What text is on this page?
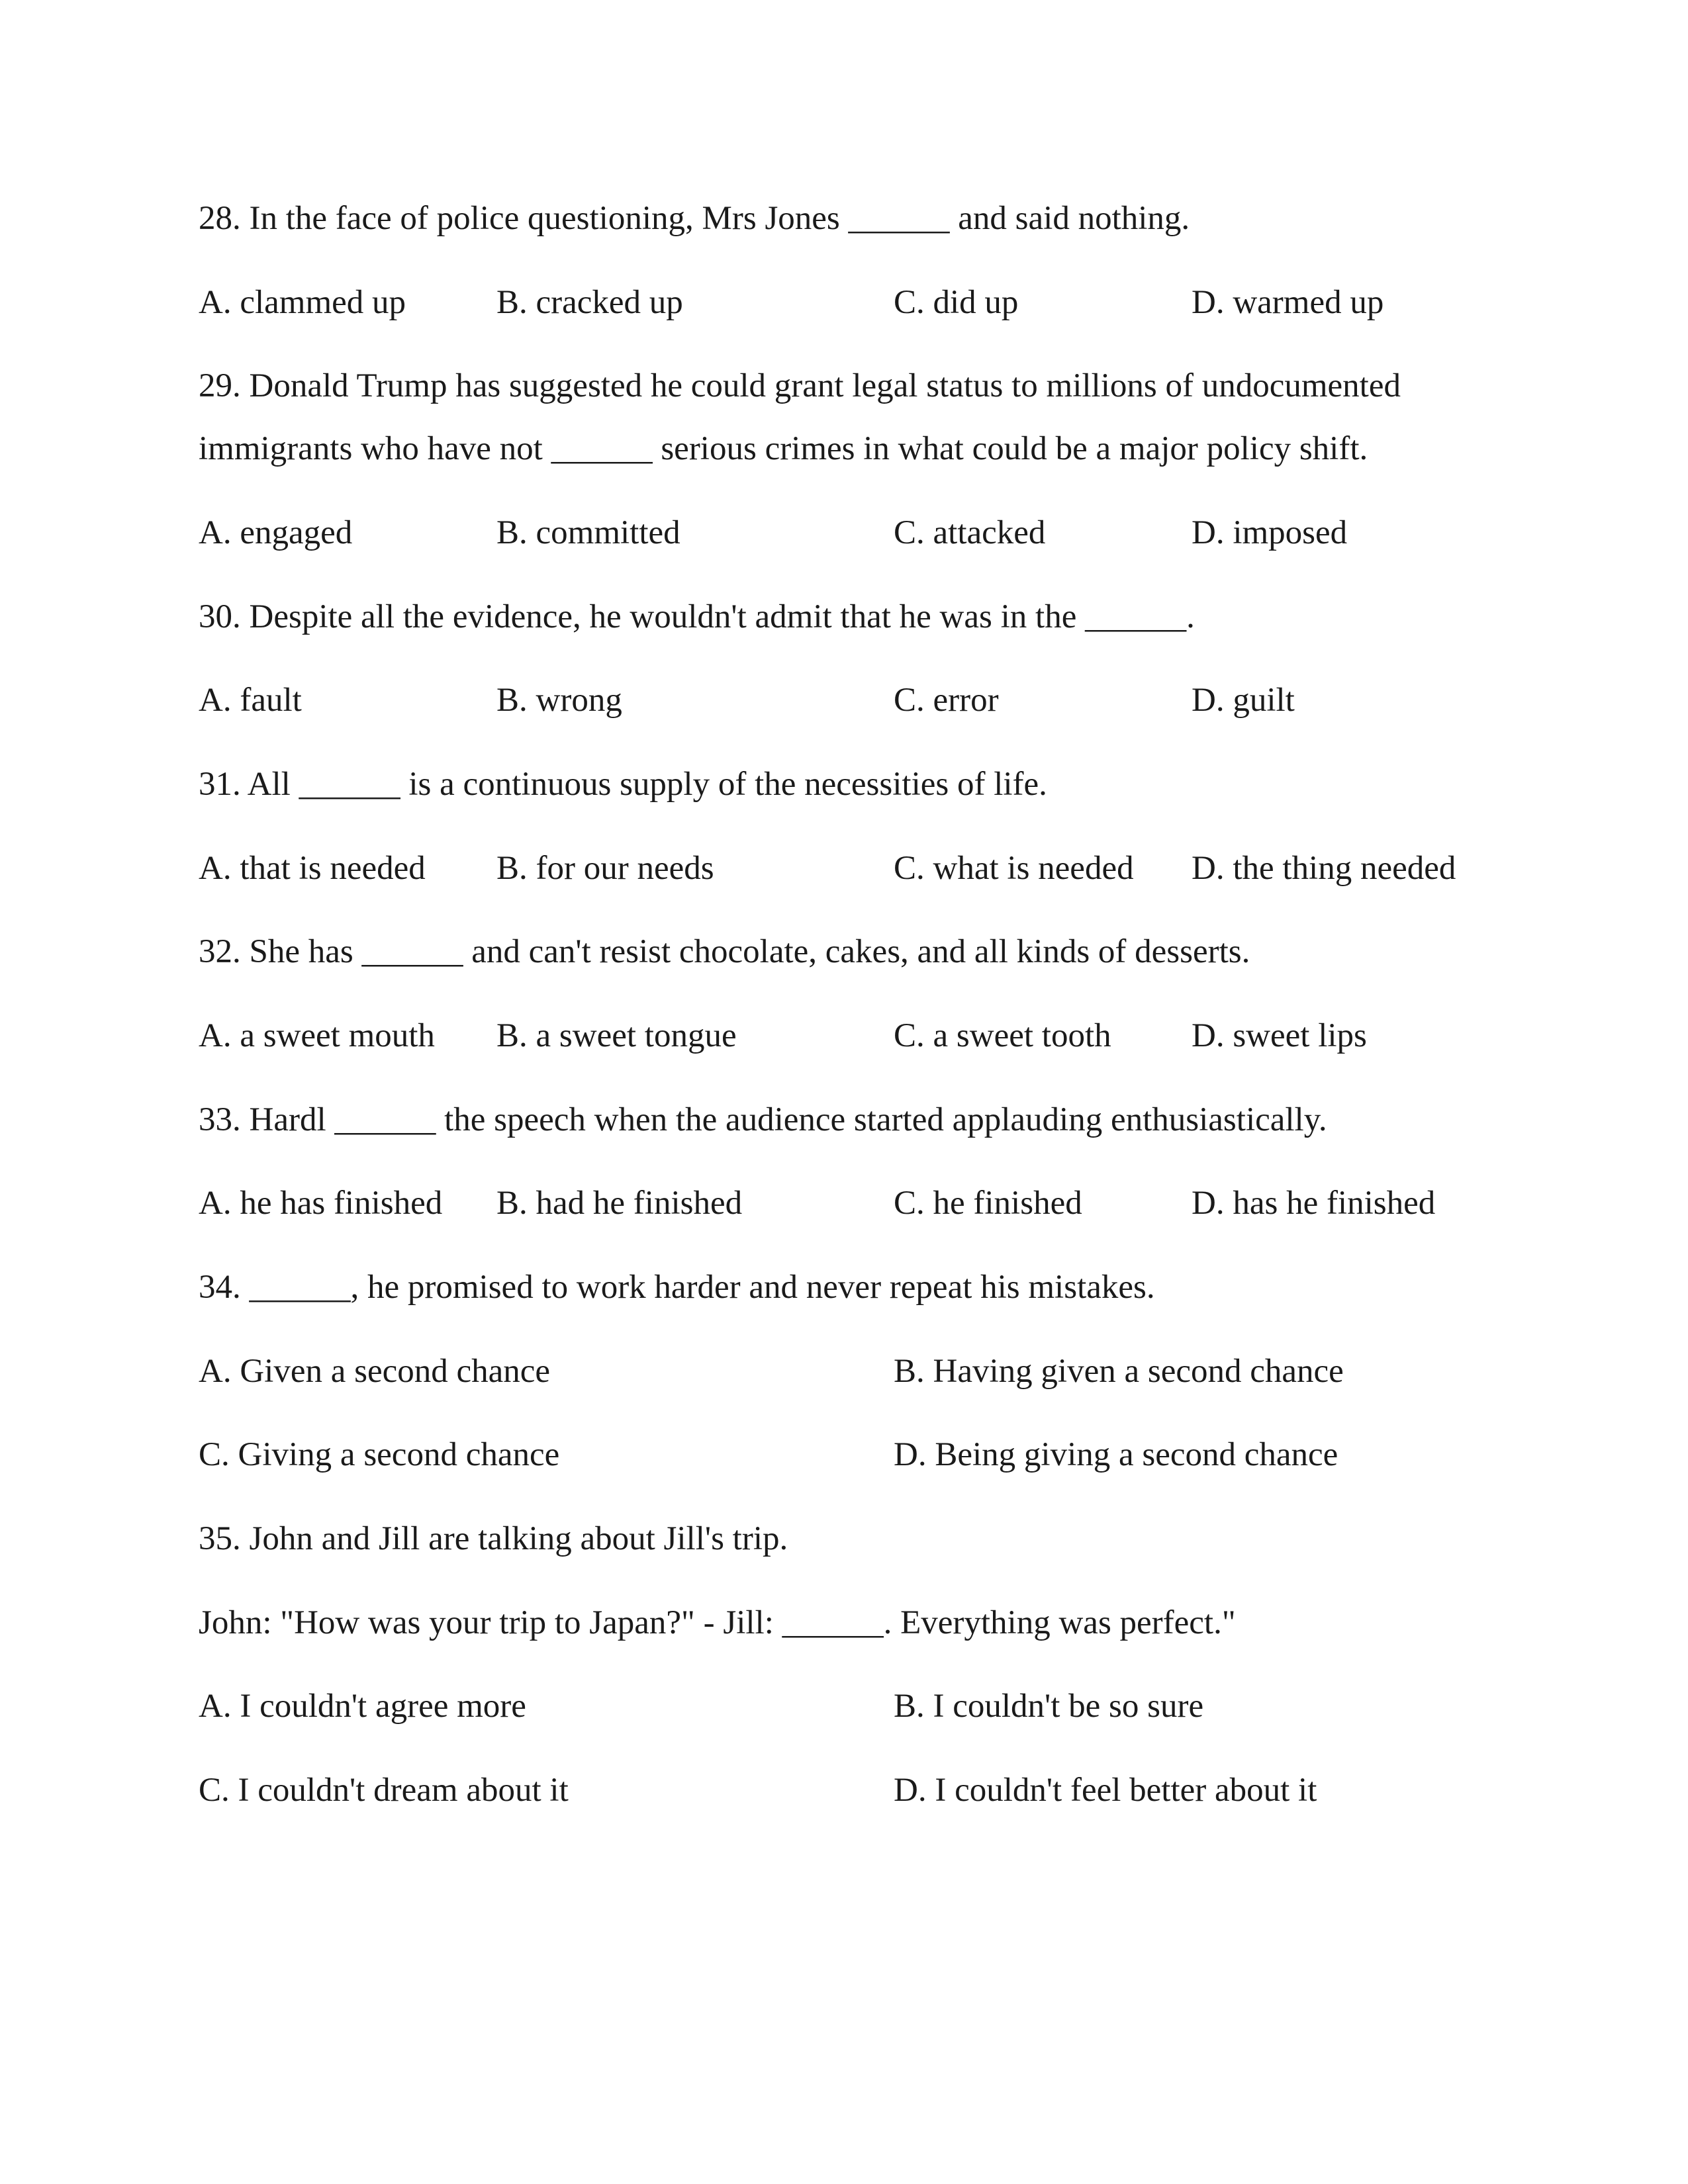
28. In the face of police questioning, Mrs Jones ______ and said nothing.
A. clammed up	B. cracked up	C. did up	D. warmed up
29. Donald Trump has suggested he could grant legal status to millions of undocumented
immigrants who have not ______ serious crimes in what could be a major policy shift.
A. engaged	B. committed	C. attacked	D. imposed
30. Despite all the evidence, he wouldn't admit that he was in the ______.
A. fault	B. wrong	C. error	D. guilt
31. All ______ is a continuous supply of the necessities of life.
A. that is needed B. for our needs	C. what is needed D. the thing needed
32. She has ______ and can't resist chocolate, cakes, and all kinds of desserts.
A. a sweet mouth B. a sweet tongue	C. a sweet tooth D. sweet lips
33. Hardl ______ the speech when the audience started applauding enthusiastically.
A. he has finished B. had he finished	C. he finished	D. has he finished
34. ______, he promised to work harder and never repeat his mistakes.
A. Given a second chance	B. Having given a second chance
C. Giving a second chance	D. Being giving a second chance
35. John and Jill are talking about Jill's trip.
John: "How was your trip to Japan?" - Jill: ______. Everything was perfect."
A. I couldn't agree more	B. I couldn't be so sure
C. I couldn't dream about it	D. I couldn't feel better about it
